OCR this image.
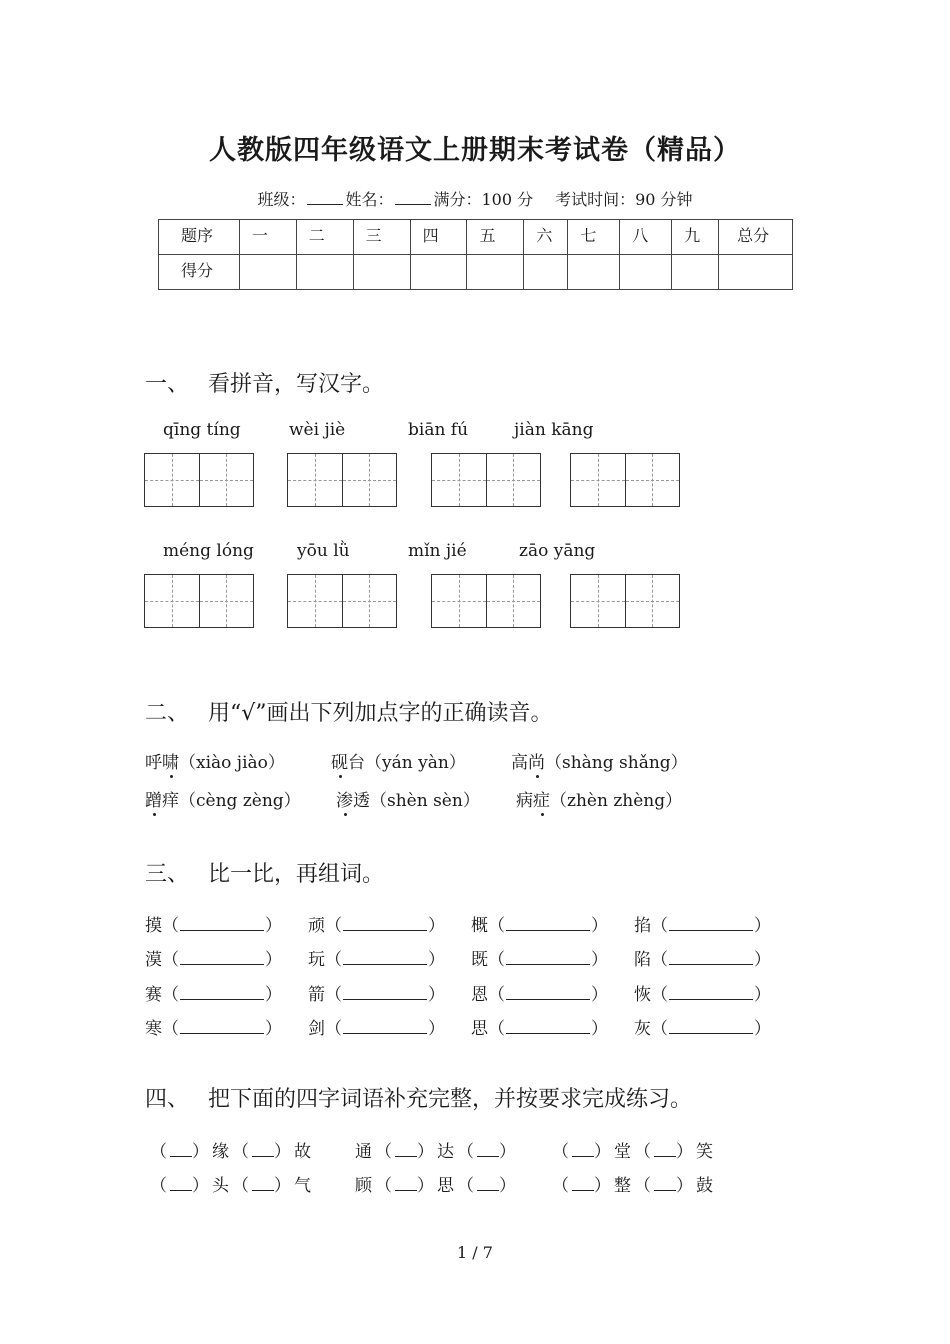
人教版四年级语文上册期末考试卷（精品）
班级：	姓名：	满分：100 分 考试时间：90 分钟
题序	一	二	三	四	五	六	七	八	九	总分
得分										
一、 看拼音，写汉字。
qīng tíng	wèi jiè	biān fú	jiàn kāng
méng lóng	yōu lǜ	mǐn jié	zāo yāng
二、 用“√”画出下列加点字的正确读音。
呼啸（xiào jiào）	砚台（yán yàn）	高尚（shàng shǎng）
蹭痒（cèng zèng） 渗透（shèn sèn） 病症（zhèn zhèng）
三、 比一比，再组词。
摸（	） 顽（	） 概（	） 掐（	）
漠（	） 玩（	） 既（	） 陷（	）
赛（	） 箭（	） 恩（	） 恢（	）
寒（	） 剑（	） 思（	） 灰（	）
四、 把下面的四字词语补充完整，并按要求完成练习。
（ ）缘（ ）故 通（ ）达（ ） （ ）堂（ ）笑
（ ）头（ ）气 顾（ ）思（ ） （ ）整（ ）鼓
1 / 7
